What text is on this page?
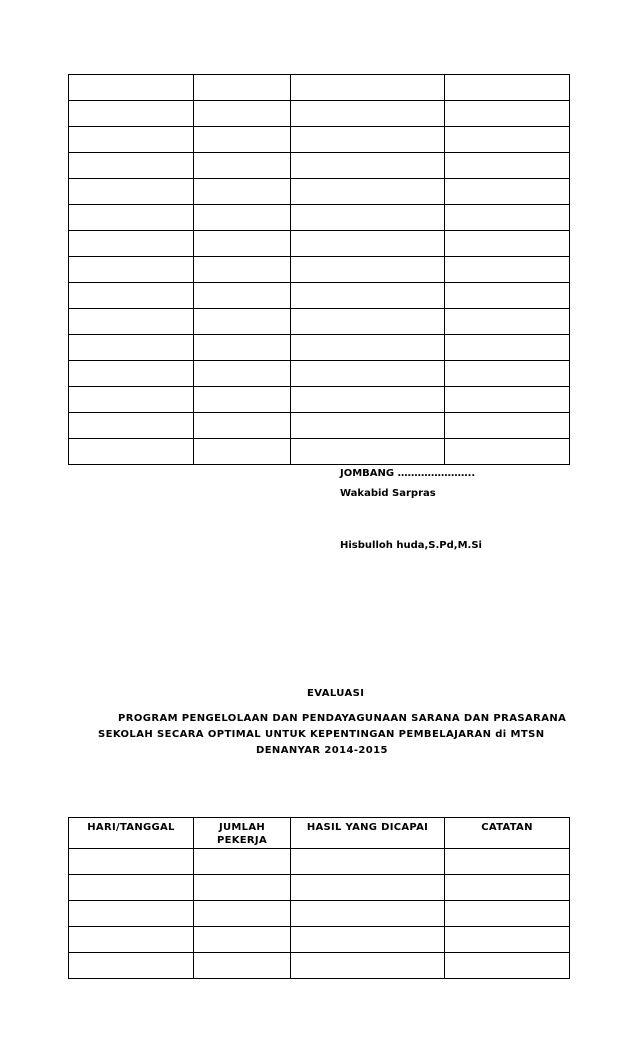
JOMBANG …………………..
Wakabid Sarpras
Hisbulloh huda,S.Pd,M.Si
EVALUASI
PROGRAM PENGELOLAAN DAN PENDAYAGUNAAN SARANA DAN PRASARANA
SEKOLAH SECARA OPTIMAL UNTUK KEPENTINGAN PEMBELAJARAN di MTSN
DENANYAR 2014-2015
HARI/TANGGAL	JUMLAH PEKERJA	HASIL YANG DICAPAI	CATATAN
